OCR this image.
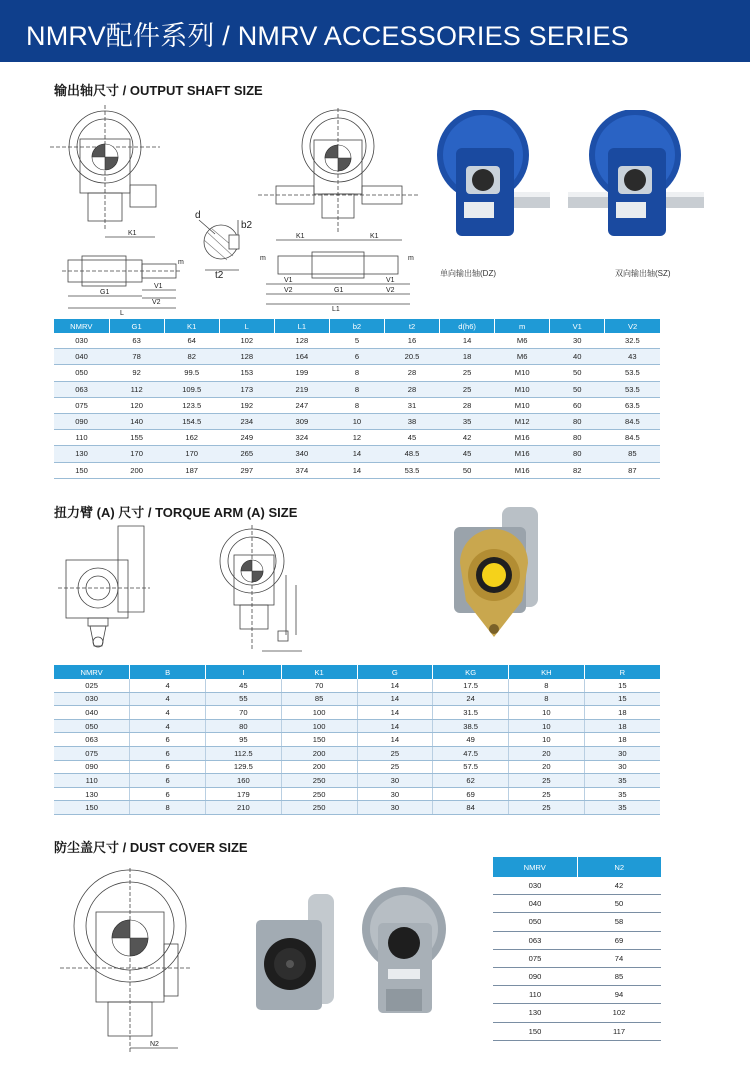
NMRV配件系列 / NMRV ACCESSORIES SERIES
输出轴尺寸 / OUTPUT SHAFT SIZE
K1
G1
V1
V2
L
m
d
b2
t2
K1	K1
m	m
V1	V1
V2	G1	V2
L1
单向输出轴(DZ)	双向输出轴(SZ)
NMRV	G1	K1	L	L1	b2	t2	d(h6)	m	V1	V2
030	63	64	102	128	5	16	14	M6	30	32.5
040	78	82	128	164	6	20.5	18	M6	40	43
050	92	99.5	153	199	8	28	25	M10	50	53.5
063	112	109.5	173	219	8	28	25	M10	50	53.5
075	120	123.5	192	247	8	31	28	M10	60	63.5
090	140	154.5	234	309	10	38	35	M12	80	84.5
110	155	162	249	324	12	45	42	M16	80	84.5
130	170	170	265	340	14	48.5	45	M16	80	85
150	200	187	297	374	14	53.5	50	M16	82	87
扭力臂 (A) 尺寸 / TORQUE ARM (A) SIZE
NMRV	B	I	K1	G	KG	KH	R
025	4	45	70	14	17.5	8	15
030	4	55	85	14	24	8	15
040	4	70	100	14	31.5	10	18
050	4	80	100	14	38.5	10	18
063	6	95	150	14	49	10	18
075	6	112.5	200	25	47.5	20	30
090	6	129.5	200	25	57.5	20	30
110	6	160	250	30	62	25	35
130	6	179	250	30	69	25	35
150	8	210	250	30	84	25	35
防尘盖尺寸 / DUST COVER SIZE
N2
NMRV	N2
030	42
040	50
050	58
063	69
075	74
090	85
110	94
130	102
150	117
